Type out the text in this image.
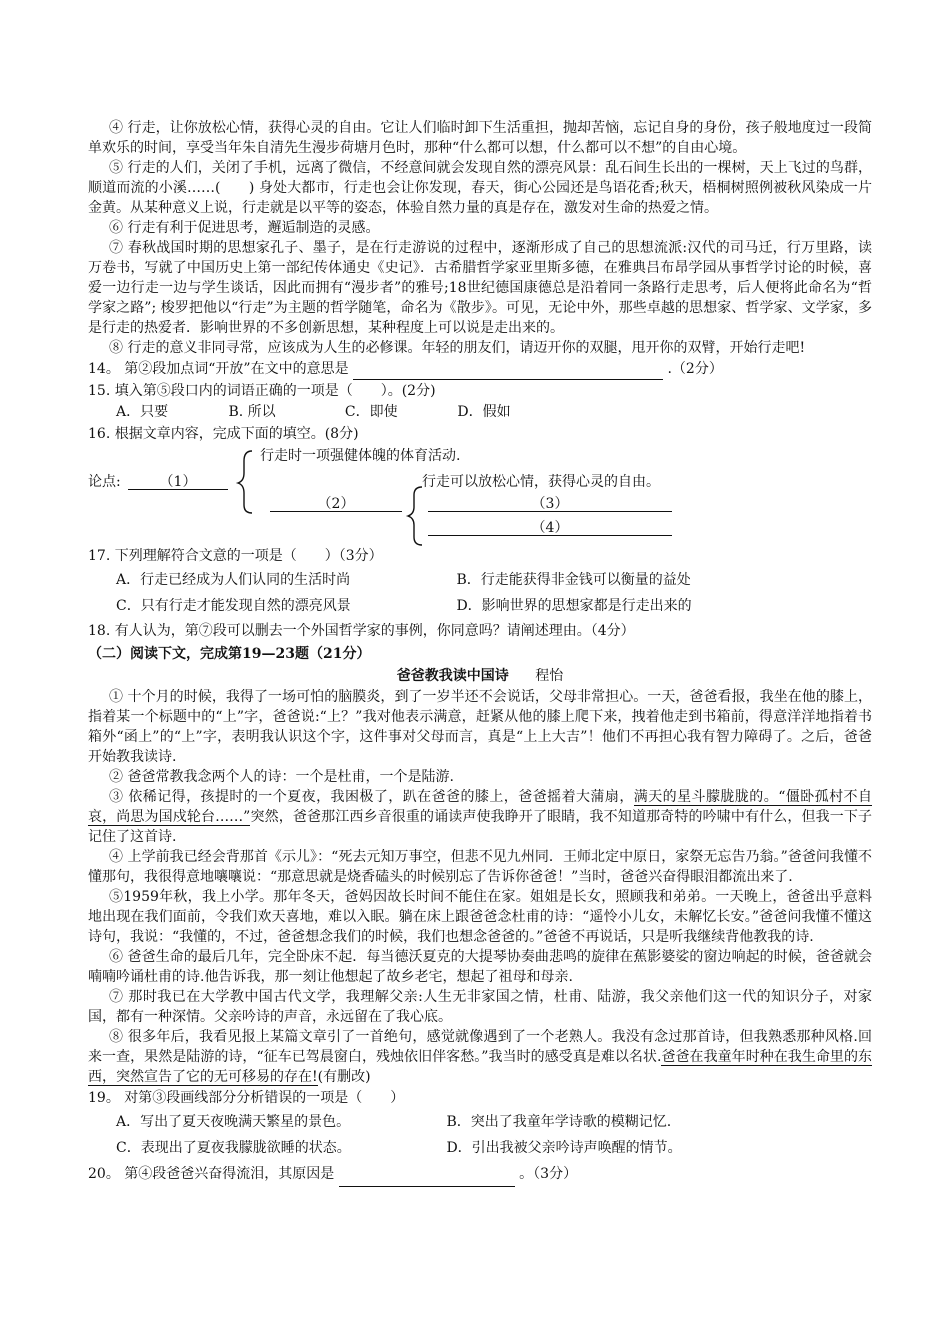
④ 行走，让你放松心情，获得心灵的自由。它让人们临时卸下生活重担，抛却苦恼，忘记自身的身份，孩子般地度过一段简单欢乐的时间，享受当年朱自清先生漫步荷塘月色时，那种“什么都可以想，什么都可以不想”的自由心境。

⑤ 行走的人们，关闭了手机，远离了微信，不经意间就会发现自然的漂亮风景：乱石间生长出的一棵树，天上飞过的鸟群，顺道而流的小溪……(　　) 身处大都市，行走也会让你发现，春天，街心公园还是鸟语花香;秋天，梧桐树照例被秋风染成一片金黄。从某种意义上说，行走就是以平等的姿态，体验自然力量的真是存在，激发对生命的热爱之情。

⑥ 行走有利于促进思考，邂逅制造的灵感。

⑦ 春秋战国时期的思想家孔子、墨子，是在行走游说的过程中，逐渐形成了自己的思想流派:汉代的司马迁，行万里路，读万卷书，写就了中国历史上第一部纪传体通史《史记》．古希腊哲学家亚里斯多德，在雅典吕布昂学园从事哲学讨论的时候，喜爱一边行走一边与学生谈话，因此而拥有“漫步者”的雅号;18世纪德国康德总是沿着同一条路行走思考，后人便将此命名为“哲学家之路”; 梭罗把他以“行走”为主题的哲学随笔，命名为《散步》。可见，无论中外，那些卓越的思想家、哲学家、文学家，多是行走的热爱者．影响世界的不多创新思想，某种程度上可以说是走出来的。

⑧ 行走的意义非同寻常，应该成为人生的必修课。年轻的朋友们，请迈开你的双腿，甩开你的双臂，开始行走吧!

14。 第②段加点词“开放”在文中的意思是	.（2分）

15. 填入第⑤段口内的词语正确的一项是（　　）。(2分)

A．只要	B. 所以	C．即使	D．假如

16. 根据文章内容，完成下面的填空。(8分)

行走时一项强健体魄的体育活动.
论点:	（1）	行走可以放松心情，获得心灵的自由。
（2）	（3）
（4）

17. 下列理解符合文意的一项是（　　）（3分）

A．行走已经成为人们认同的生活时尚	B．行走能获得非金钱可以衡量的益处

C．只有行走才能发现自然的漂亮风景	D．影响世界的思想家都是行走出来的

18. 有人认为，第⑦段可以删去一个外国哲学家的事例，你同意吗？请阐述理由。（4分）

（二）阅读下文，完成第19—23题（21分）

爸爸教我读中国诗 程怡

① 十个月的时候，我得了一场可怕的脑膜炎，到了一岁半还不会说话，父母非常担心。一天，爸爸看报，我坐在他的膝上，指着某一个标题中的“上”字，爸爸说:“上？”我对他表示满意，赶紧从他的膝上爬下来，拽着他走到书箱前，得意洋洋地指着书箱外“函上”的“上”字，表明我认识这个字，这件事对父母而言，真是“上上大吉”！他们不再担心我有智力障碍了。之后，爸爸开始教我读诗.

② 爸爸常教我念两个人的诗：一个是杜甫，一个是陆游.

③ 依稀记得，孩提时的一个夏夜，我困极了，趴在爸爸的膝上，爸爸摇着大蒲扇，满天的星斗朦胧胧的。“僵卧孤村不自哀，尚思为国戍轮台……”突然，爸爸那江西乡音很重的诵读声使我睁开了眼睛，我不知道那奇特的吟啸中有什么，但我一下子记住了这首诗.

④ 上学前我已经会背那首《示儿》：“死去元知万事空，但悲不见九州同．王师北定中原日，家祭无忘告乃翁。”爸爸问我懂不懂那句，我很得意地嚷嚷说：“那意思就是烧香磕头的时候别忘了告诉你爸爸！”当时，爸爸兴奋得眼泪都流出来了.

⑤1959年秋，我上小学。那年冬天，爸妈因故长时间不能住在家。姐姐是长女，照顾我和弟弟。一天晚上，爸爸出乎意料地出现在我们面前，令我们欢天喜地，难以入眠。躺在床上跟爸爸念杜甫的诗：“遥怜小儿女，未解忆长安。”爸爸问我懂不懂这诗句，我说：“我懂的，不过，爸爸想念我们的时候，我们也想念爸爸的。”爸爸不再说话，只是听我继续背他教我的诗.

⑥ 爸爸生命的最后几年，完全卧床不起．每当德沃夏克的大提琴协奏曲悲鸣的旋律在蕉影婆娑的窗边响起的时候，爸爸就会喃喃吟诵杜甫的诗.他告诉我，那一刻让他想起了故乡老宅，想起了祖母和母亲.

⑦ 那时我已在大学教中国古代文学，我理解父亲:人生无非家国之情，杜甫、陆游，我父亲他们这一代的知识分子，对家国，都有一种深情。父亲吟诗的声音，永远留在了我心底。

⑧ 很多年后，我看见报上某篇文章引了一首绝句，感觉就像遇到了一个老熟人。我没有念过那首诗，但我熟悉那种风格.回来一查，果然是陆游的诗，“征车已驾晨窗白，残烛依旧伴客愁。”我当时的感受真是难以名状.爸爸在我童年时种在我生命里的东西，突然宣告了它的无可移易的存在!(有删改)

19。 对第③段画线部分分析错误的一项是（　　）

A．写出了夏天夜晚满天繁星的景色。	B．突出了我童年学诗歌的模糊记忆.

C．表现出了夏夜我朦胧欲睡的状态。	D．引出我被父亲吟诗声唤醒的情节。

20。 第④段爸爸兴奋得流泪，其原因是	。（3分）
